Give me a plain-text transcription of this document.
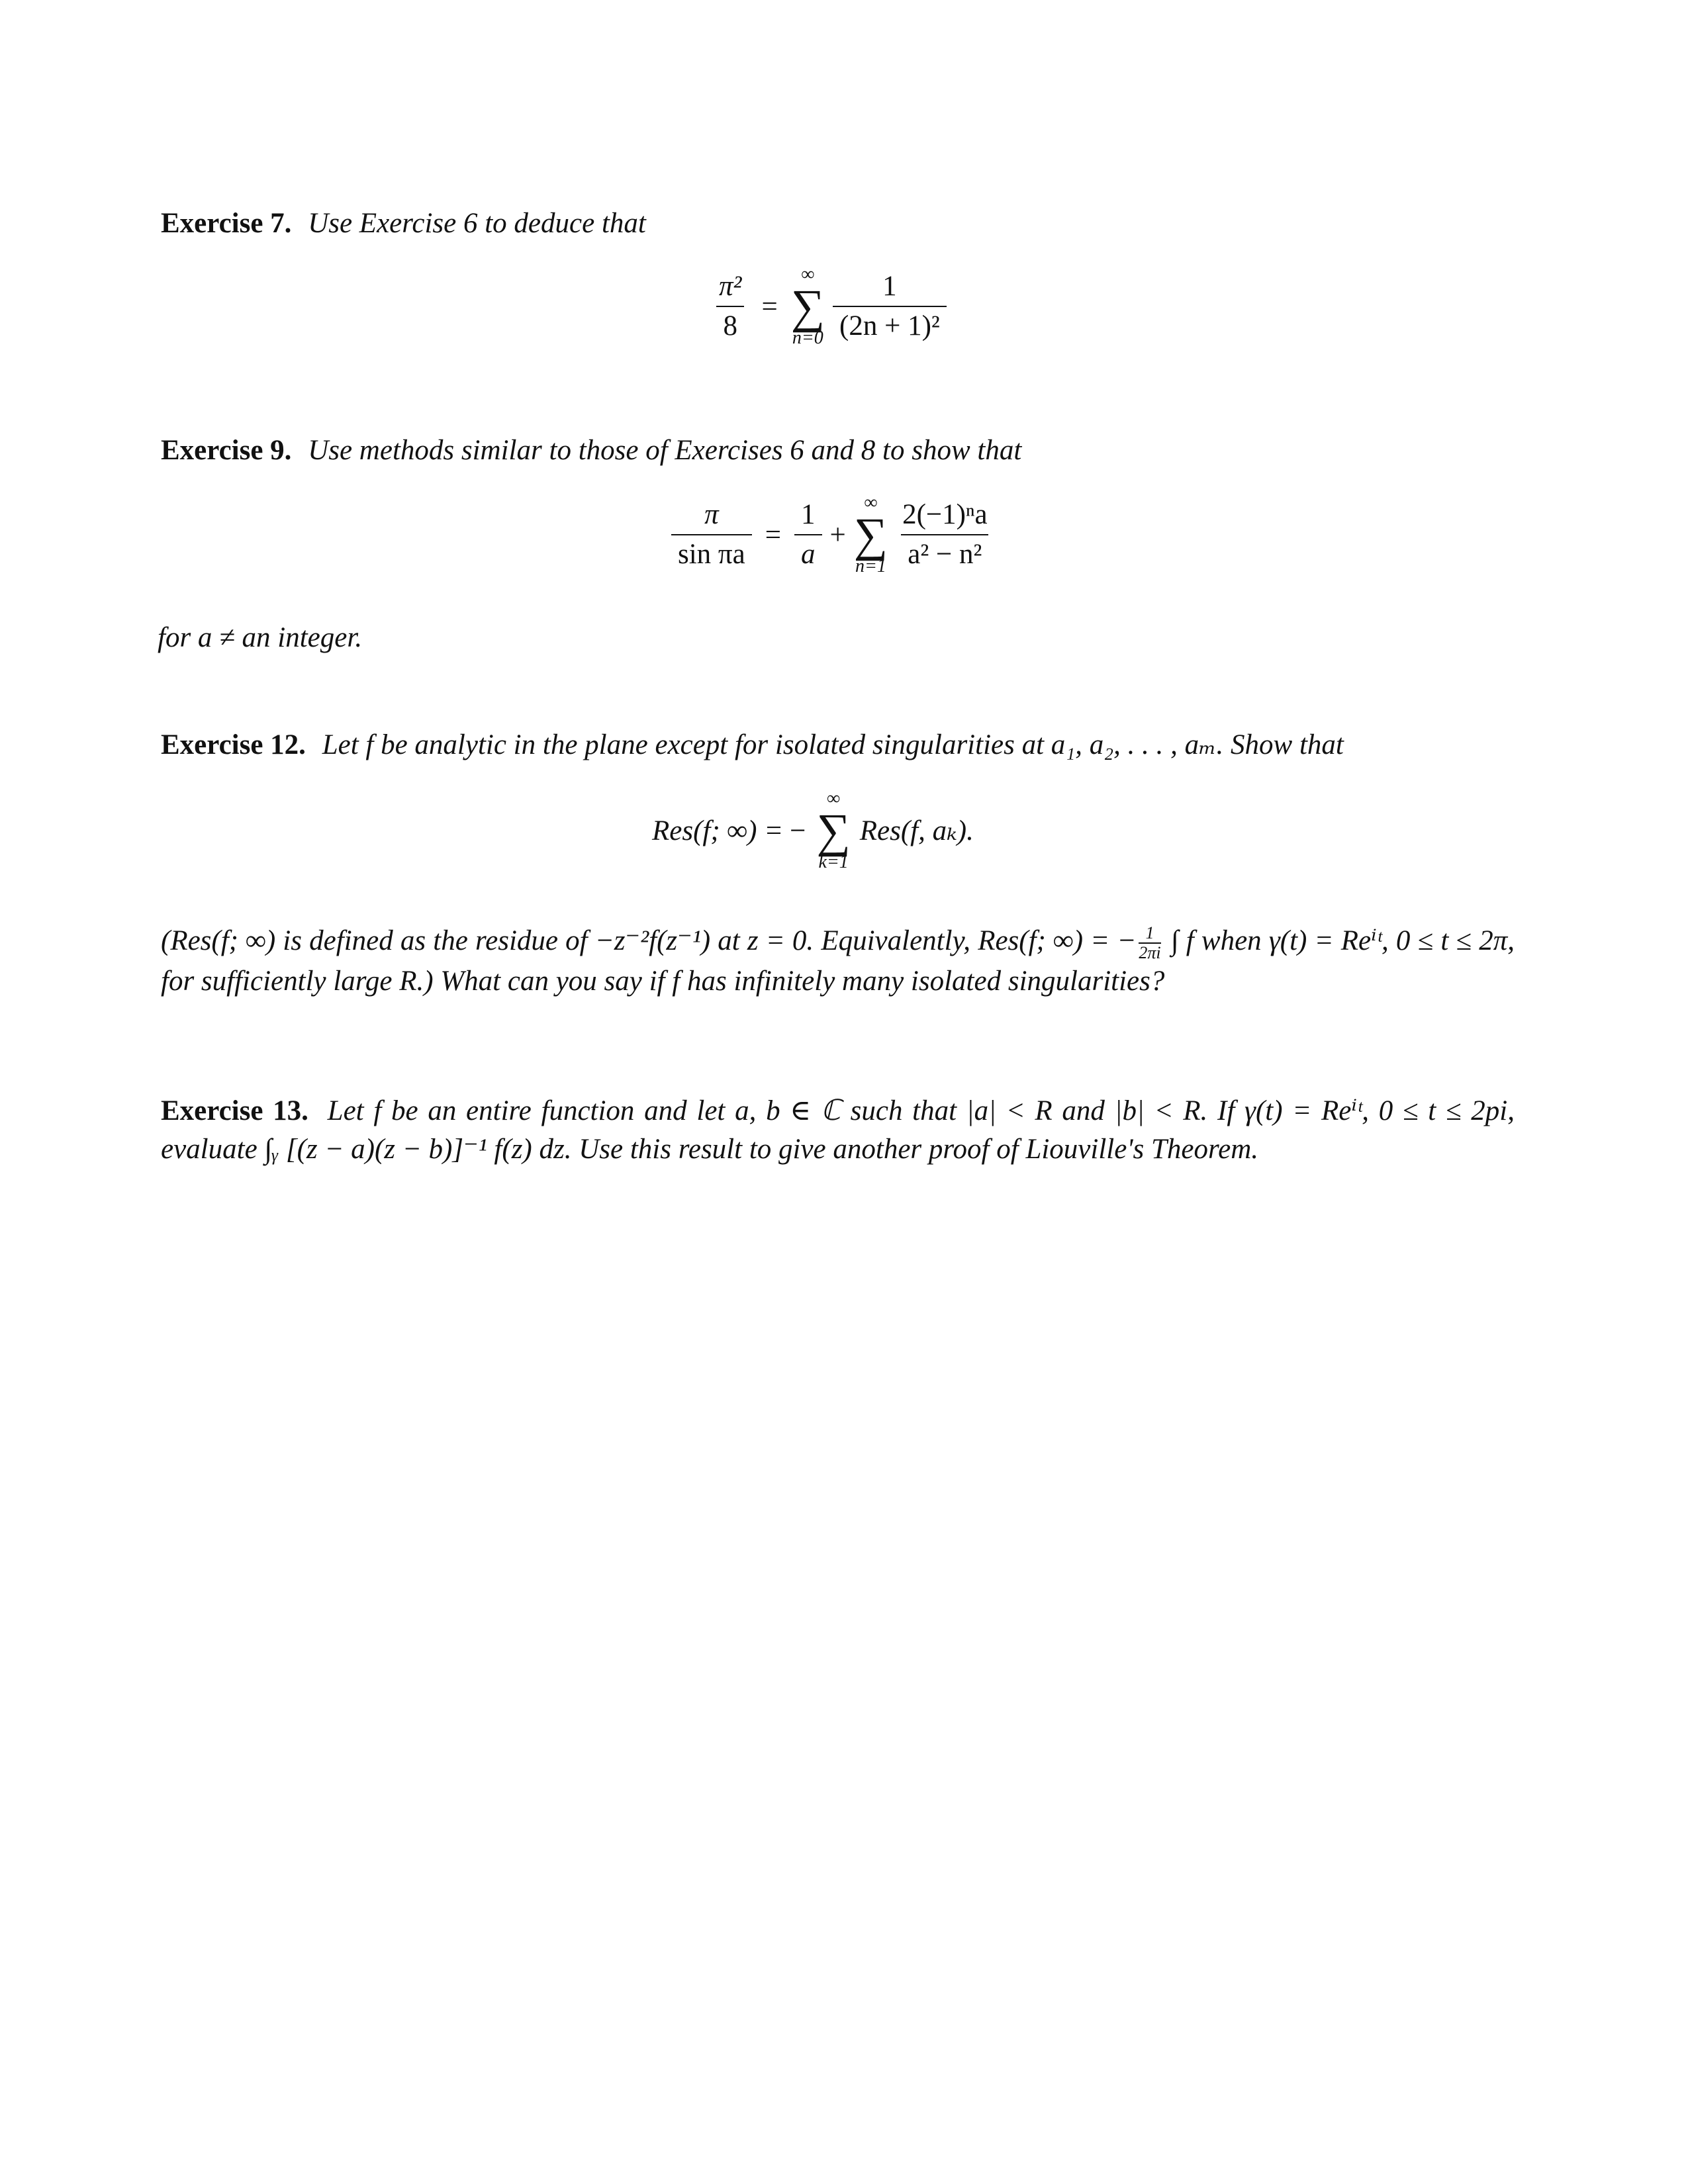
Exercise 7. Use Exercise 6 to deduce that
$\frac{\text{π²}}{8}$ =
∞
∑
$n=0 \frac{1}{\text{(2n + 1)²}}$
Exercise 9. Use methods similar to those of Exercises 6 and 8 to show that
$\frac{\pi}{\text{sin πa}} = \frac{1}{a}$ +
∞
∑
$n=1 \frac{\text{2(−1)ⁿa}}{\text{a² − n²}}$
for a ≠ an integer.
Exercise 12. Let f be analytic in the plane except for isolated singularities at a₁, a₂, . . . , aₘ. Show that
Res(f; ∞) = −
∞
∑
k=1
Res(f, aₖ).
(Res(f; ∞) is defined as the residue of −z⁻²f(z⁻¹) at z = 0. Equivalently, Res(f; ∞) = − $\frac{1}{2\pi i}$ ∫ f when γ(t) = Reⁱᵗ, 0 ≤ t ≤ 2π, for sufficiently large R.) What can you say if f has infinitely many isolated singularities?
Exercise 13. Let f be an entire function and let a, b ∈ ℂ such that |a| < R and |b| < R. If γ(t) = Reⁱᵗ, 0 ≤ t ≤ 2pi, evaluate ∫ᵧ [(z − a)(z − b)]⁻¹ f(z) dz. Use this result to give another proof of Liouville's Theorem.
